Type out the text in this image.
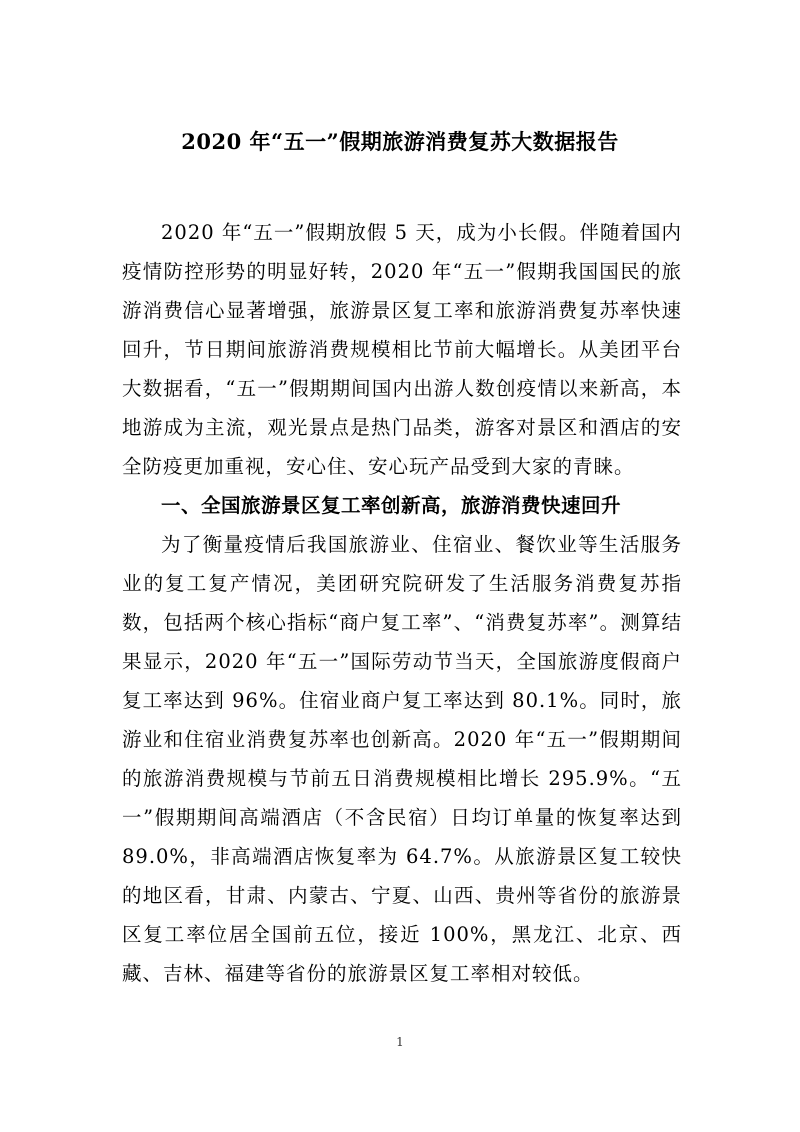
2020 年“五一”假期旅游消费复苏大数据报告

2020 年“五一”假期放假 5 天，成为小长假。伴随着国内疫情防控形势的明显好转，2020 年“五一”假期我国国民的旅游消费信心显著增强，旅游景区复工率和旅游消费复苏率快速回升，节日期间旅游消费规模相比节前大幅增长。从美团平台大数据看，“五一”假期期间国内出游人数创疫情以来新高，本地游成为主流，观光景点是热门品类，游客对景区和酒店的安全防疫更加重视，安心住、安心玩产品受到大家的青睐。

一、全国旅游景区复工率创新高，旅游消费快速回升

为了衡量疫情后我国旅游业、住宿业、餐饮业等生活服务业的复工复产情况，美团研究院研发了生活服务消费复苏指数，包括两个核心指标“商户复工率”、“消费复苏率”。测算结果显示，2020 年“五一”国际劳动节当天，全国旅游度假商户复工率达到 96%。住宿业商户复工率达到 80.1%。同时，旅游业和住宿业消费复苏率也创新高。2020 年“五一”假期期间的旅游消费规模与节前五日消费规模相比增长 295.9%。“五一”假期期间高端酒店（不含民宿）日均订单量的恢复率达到 89.0%，非高端酒店恢复率为 64.7%。从旅游景区复工较快的地区看，甘肃、内蒙古、宁夏、山西、贵州等省份的旅游景区复工率位居全国前五位，接近 100%，黑龙江、北京、西藏、吉林、福建等省份的旅游景区复工率相对较低。

1
